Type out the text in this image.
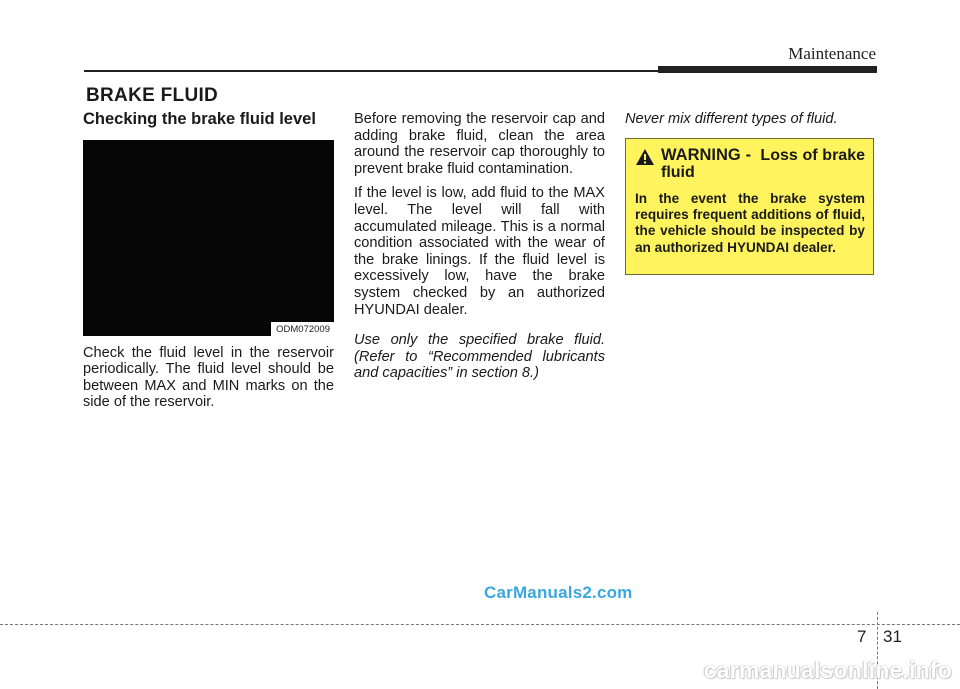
Maintenance
BRAKE FLUID
Checking the brake fluid level
ODM072009

Check the fluid level in the reservoir periodically. The fluid level should be between MAX and MIN marks on the side of the reservoir.

Before removing the reservoir cap and adding brake fluid, clean the area around the reservoir cap thoroughly to prevent brake fluid contamination.

If the level is low, add fluid to the MAX level. The level will fall with accumulated mileage. This is a normal condition associated with the wear of the brake linings. If the fluid level is excessively low, have the brake system checked by an authorized HYUNDAI dealer.

Use only the specified brake fluid. (Refer to “Recommended lubricants and capacities” in section 8.)

Never mix different types of fluid.

WARNING - Loss of brake fluid
In the event the brake system requires frequent additions of fluid, the vehicle should be inspected by an authorized HYUNDAI dealer.
CarManuals2.com
7 31
carmanualsonline.info
